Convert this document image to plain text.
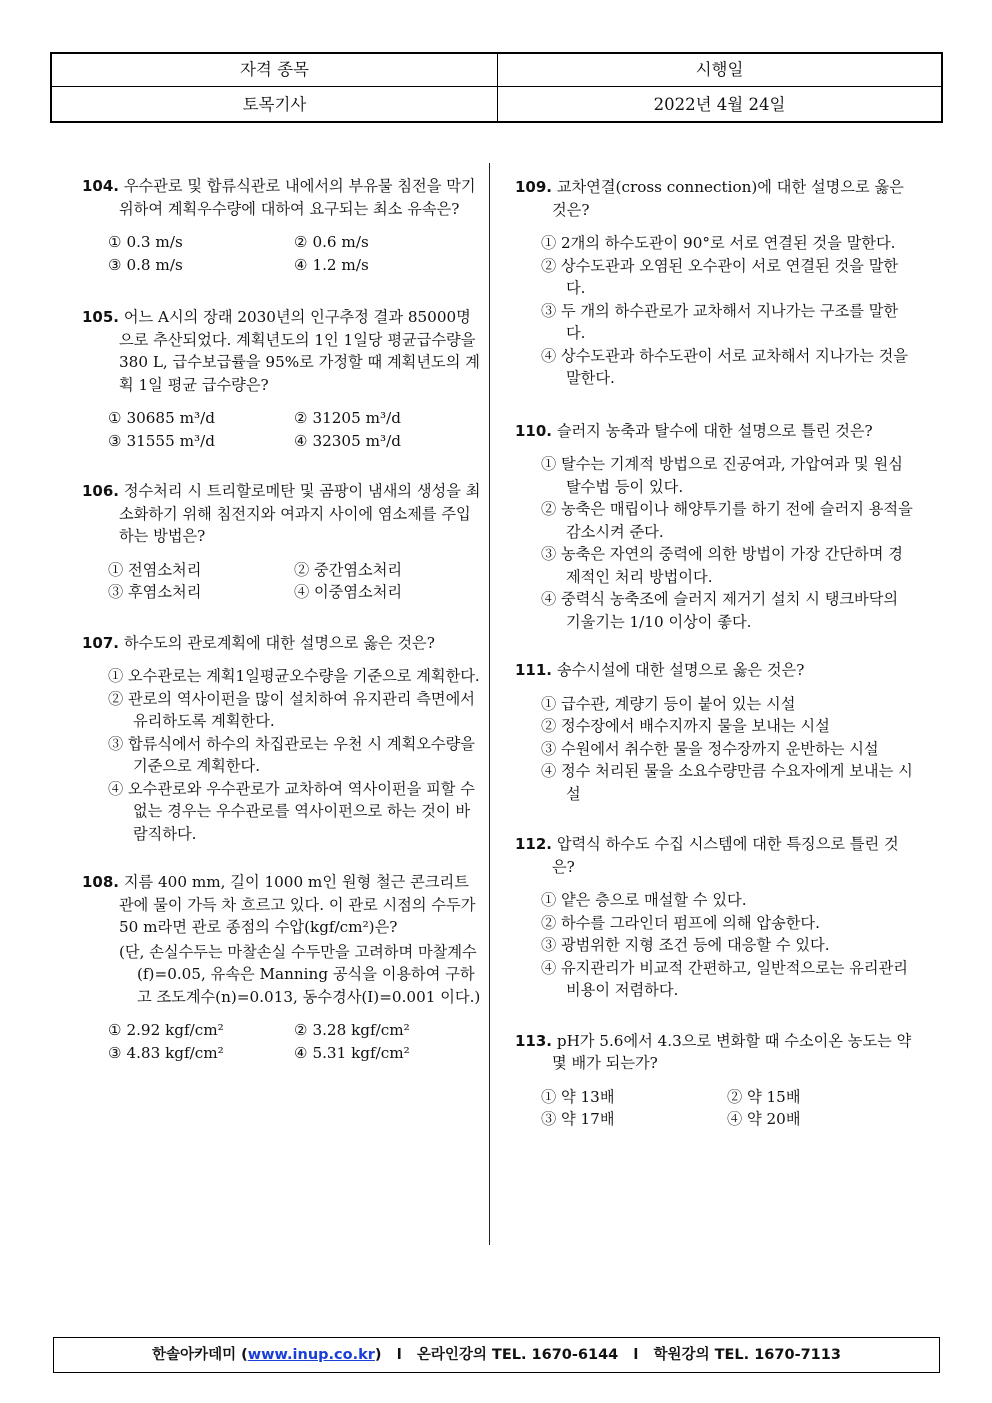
자격 종목	시행일
토목기사	2022년 4월 24일

104. 우수관로 및 합류식관로 내에서의 부유물 침전을 막기 위하여 계획우수량에 대하여 요구되는 최소 유속은?

① 0.3 m/s	② 0.6 m/s
③ 0.8 m/s	④ 1.2 m/s

105. 어느 A시의 장래 2030년의 인구추정 결과 85000명으로 추산되었다. 계획년도의 1인 1일당 평균급수량을 380 L, 급수보급률을 95%로 가정할 때 계획년도의 계획 1일 평균 급수량은?

① 30685 m³/d	② 31205 m³/d
③ 31555 m³/d	④ 32305 m³/d

106. 정수처리 시 트리할로메탄 및 곰팡이 냄새의 생성을 최소화하기 위해 침전지와 여과지 사이에 염소제를 주입하는 방법은?

① 전염소처리	② 중간염소처리
③ 후염소처리	④ 이중염소처리

107. 하수도의 관로계획에 대한 설명으로 옳은 것은?

① 오수관로는 계획1일평균오수량을 기준으로 계획한다.
② 관로의 역사이펀을 많이 설치하여 유지관리 측면에서 유리하도록 계획한다.
③ 합류식에서 하수의 차집관로는 우천 시 계획오수량을 기준으로 계획한다.
④ 오수관로와 우수관로가 교차하여 역사이펀을 피할 수 없는 경우는 우수관로를 역사이펀으로 하는 것이 바람직하다.

108. 지름 400 mm, 길이 1000 m인 원형 철근 콘크리트 관에 물이 가득 차 흐르고 있다. 이 관로 시점의 수두가 50 m라면 관로 종점의 수압(kgf/cm²)은?

(단, 손실수두는 마찰손실 수두만을 고려하며 마찰계수(f)=0.05, 유속은 Manning 공식을 이용하여 구하고 조도계수(n)=0.013, 동수경사(I)=0.001 이다.)

① 2.92 kgf/cm²	② 3.28 kgf/cm²
③ 4.83 kgf/cm²	④ 5.31 kgf/cm²

109. 교차연결(cross connection)에 대한 설명으로 옳은 것은?

① 2개의 하수도관이 90°로 서로 연결된 것을 말한다.
② 상수도관과 오염된 오수관이 서로 연결된 것을 말한다.
③ 두 개의 하수관로가 교차해서 지나가는 구조를 말한다.
④ 상수도관과 하수도관이 서로 교차해서 지나가는 것을 말한다.

110. 슬러지 농축과 탈수에 대한 설명으로 틀린 것은?

① 탈수는 기계적 방법으로 진공여과, 가압여과 및 원심탈수법 등이 있다.
② 농축은 매립이나 해양투기를 하기 전에 슬러지 용적을 감소시켜 준다.
③ 농축은 자연의 중력에 의한 방법이 가장 간단하며 경제적인 처리 방법이다.
④ 중력식 농축조에 슬러지 제거기 설치 시 탱크바닥의 기울기는 1/10 이상이 좋다.

111. 송수시설에 대한 설명으로 옳은 것은?

① 급수관, 계량기 등이 붙어 있는 시설
② 정수장에서 배수지까지 물을 보내는 시설
③ 수원에서 취수한 물을 정수장까지 운반하는 시설
④ 정수 처리된 물을 소요수량만큼 수요자에게 보내는 시설

112. 압력식 하수도 수집 시스템에 대한 특징으로 틀린 것은?

① 얕은 층으로 매설할 수 있다.
② 하수를 그라인더 펌프에 의해 압송한다.
③ 광범위한 지형 조건 등에 대응할 수 있다.
④ 유지관리가 비교적 간편하고, 일반적으로는 유리관리비용이 저렴하다.

113. pH가 5.6에서 4.3으로 변화할 때 수소이온 농도는 약 몇 배가 되는가?

① 약 13배	② 약 15배
③ 약 17배	④ 약 20배
한솔아카데미 (www.inup.co.kr) l 온라인강의 TEL. 1670-6144 l 학원강의 TEL. 1670-7113
